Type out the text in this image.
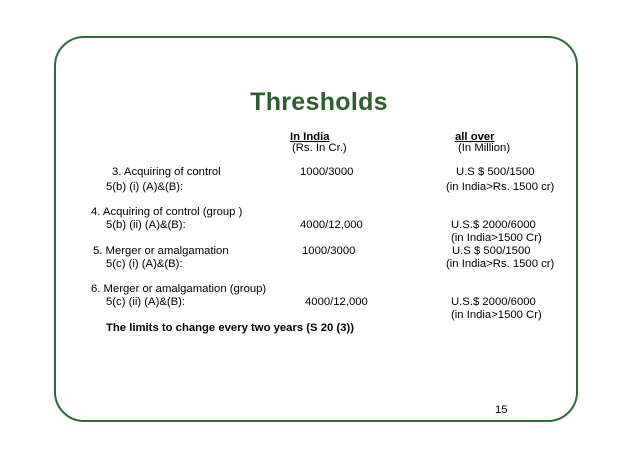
Thresholds
In India
(Rs. In Cr.)
all over
(In Million)
3. Acquiring of control	1000/3000	U.S $ 500/1500
5(b) (i) (A)&(B):	(in India>Rs. 1500 cr)
4. Acquiring of control (group )
5(b) (ii) (A)&(B):	4000/12,000	U.S.$ 2000/6000
(in India>1500 Cr)
5. Merger or amalgamation	1000/3000	U.S $ 500/1500
5(c) (i) (A)&(B):	(in India>Rs. 1500 cr)
6. Merger or amalgamation (group)
5(c) (ii) (A)&(B):	4000/12,000	U.S.$ 2000/6000
(in India>1500 Cr)
The limits to change every two years (S 20 (3))
15
